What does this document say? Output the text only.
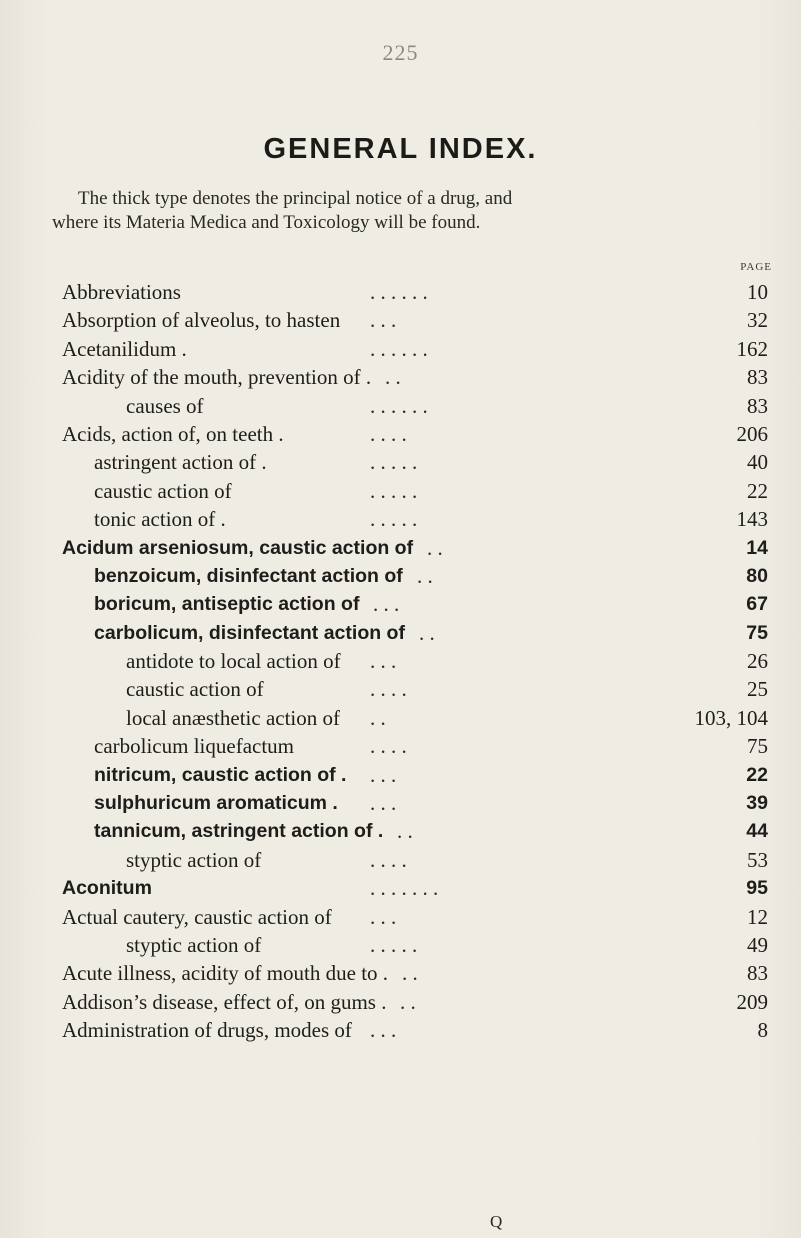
225
GENERAL INDEX.
The thick type denotes the principal notice of a drug, and
where its Materia Medica and Toxicology will be found.
PAGE
Abbreviations	. . . . . .	10
Absorption of alveolus, to hasten . . .	32
Acetanilidum .	. . . . . .	162
Acidity of the mouth, prevention of . . .	83
causes of	. . . . . .	83
Acids, action of, on teeth .	. . . .	206
astringent action of .	. . . . .	40
caustic action of	. . . . .	22
tonic action of .	. . . . .	143
Acidum arseniosum, caustic action of . .	14
benzoicum, disinfectant action of . .	80
boricum, antiseptic action of . . .	67
carbolicum, disinfectant action of . .	75
antidote to local action of . . .	26
caustic action of	. . . .	25
local anæsthetic action of . .	103, 104
carbolicum liquefactum	. . . .	75
nitricum, caustic action of . . . .	22
sulphuricum aromaticum . . . .	39
tannicum, astringent action of . . .	44
styptic action of	. . . .	53
Aconitum	. . . . . . .	95
Actual cautery, caustic action of . . .	12
styptic action of	. . . . .	49
Acute illness, acidity of mouth due to . . .	83
Addison’s disease, effect of, on gums . . .	209
Administration of drugs, modes of . . .	8
Q
